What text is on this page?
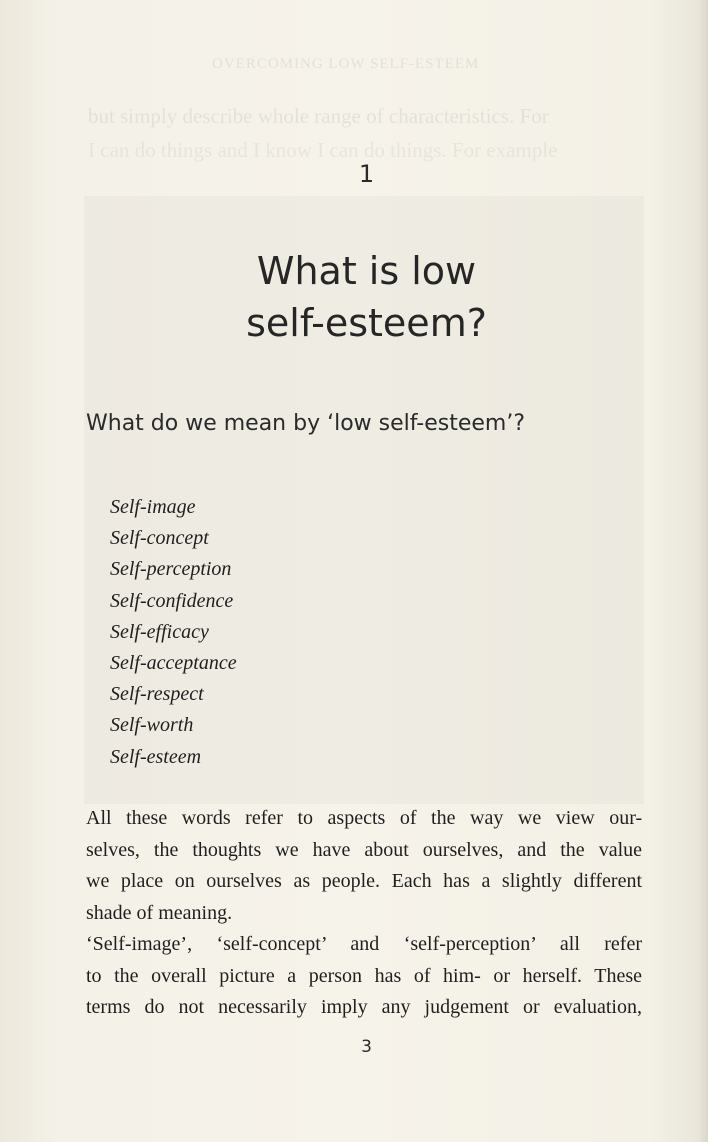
OVERCOMING LOW SELF-ESTEEM
but simply describe whole range of characteristics. For
I can do things and I know I can do things. For example

1

What is low
self-esteem?
What do we mean by ‘low self-esteem’?
Self-image
Self-concept
Self-perception
Self-confidence
Self-efficacy
Self-acceptance
Self-respect
Self-worth
Self-esteem

All these words refer to aspects of the way we view our-
selves, the thoughts we have about ourselves, and the value
we place on ourselves as people. Each has a slightly different
shade of meaning.

‘Self-image’, ‘self-concept’ and ‘self-perception’ all refer
to the overall picture a person has of him- or herself. These
terms do not necessarily imply any judgement or evaluation,

3
